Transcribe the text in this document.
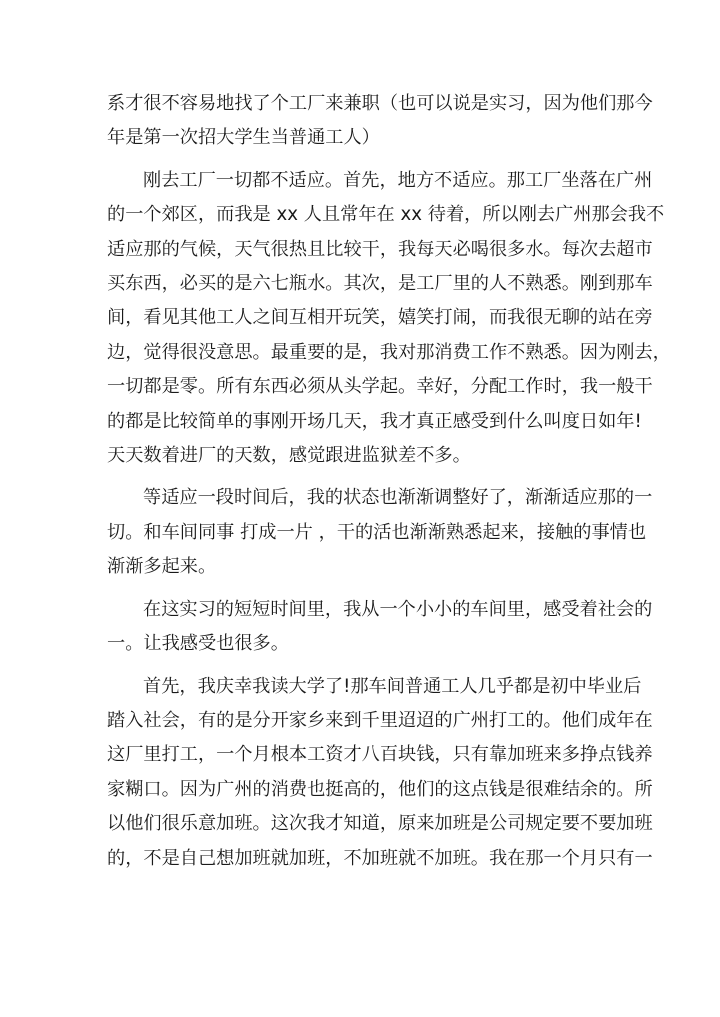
系才很不容易地找了个工厂来兼职（也可以说是实习，因为他们那今
年是第一次招大学生当普通工人）
刚去工厂一切都不适应。首先，地方不适应。那工厂坐落在广州
的一个郊区，而我是 xx 人且常年在 xx 待着，所以刚去广州那会我不
适应那的气候，天气很热且比较干，我每天必喝很多水。每次去超市
买东西，必买的是六七瓶水。其次，是工厂里的人不熟悉。刚到那车
间，看见其他工人之间互相开玩笑，嬉笑打闹，而我很无聊的站在旁
边，觉得很没意思。最重要的是，我对那消费工作不熟悉。因为刚去，
一切都是零。所有东西必须从头学起。幸好，分配工作时，我一般干
的都是比较简单的事刚开场几天，我才真正感受到什么叫度日如年!
天天数着进厂的天数，感觉跟进监狱差不多。
等适应一段时间后，我的状态也渐渐调整好了，渐渐适应那的一
切。和车间同事 打成一片 ，干的活也渐渐熟悉起来，接触的事情也
渐渐多起来。
在这实习的短短时间里，我从一个小小的车间里，感受着社会的
一。让我感受也很多。
首先，我庆幸我读大学了!那车间普通工人几乎都是初中毕业后
踏入社会，有的是分开家乡来到千里迢迢的广州打工的。他们成年在
这厂里打工，一个月根本工资才八百块钱，只有靠加班来多挣点钱养
家糊口。因为广州的消费也挺高的，他们的这点钱是很难结余的。所
以他们很乐意加班。这次我才知道，原来加班是公司规定要不要加班
的，不是自己想加班就加班，不加班就不加班。我在那一个月只有一
